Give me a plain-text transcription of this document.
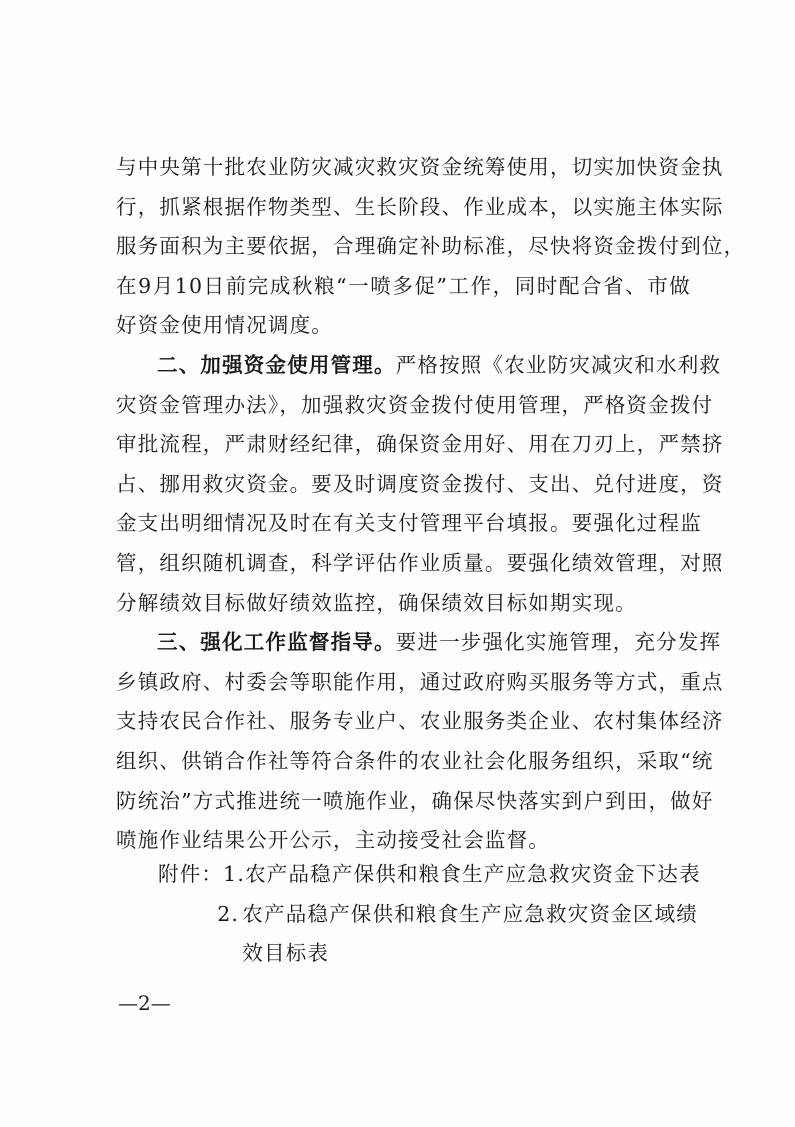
与中央第十批农业防灾减灾救灾资金统筹使用，切实加快资金执
行，抓紧根据作物类型、生长阶段、作业成本，以实施主体实际
服务面积为主要依据，合理确定补助标准，尽快将资金拨付到位，
在9月10日前完成秋粮“一喷多促”工作，同时配合省、市做
好资金使用情况调度。

二、加强资金使用管理。严格按照《农业防灾减灾和水利救
灾资金管理办法》，加强救灾资金拨付使用管理，严格资金拨付
审批流程，严肃财经纪律，确保资金用好、用在刀刃上，严禁挤
占、挪用救灾资金。要及时调度资金拨付、支出、兑付进度，资
金支出明细情况及时在有关支付管理平台填报。要强化过程监
管，组织随机调查，科学评估作业质量。要强化绩效管理，对照
分解绩效目标做好绩效监控，确保绩效目标如期实现。

三、强化工作监督指导。要进一步强化实施管理，充分发挥
乡镇政府、村委会等职能作用，通过政府购买服务等方式，重点
支持农民合作社、服务专业户、农业服务类企业、农村集体经济
组织、供销合作社等符合条件的农业社会化服务组织，采取“统
防统治”方式推进统一喷施作业，确保尽快落实到户到田，做好
喷施作业结果公开公示，主动接受社会监督。

附件： 1. 农产品稳产保供和粮食生产应急救灾资金下达表
2. 农产品稳产保供和粮食生产应急救灾资金区域绩
效目标表
—2—
